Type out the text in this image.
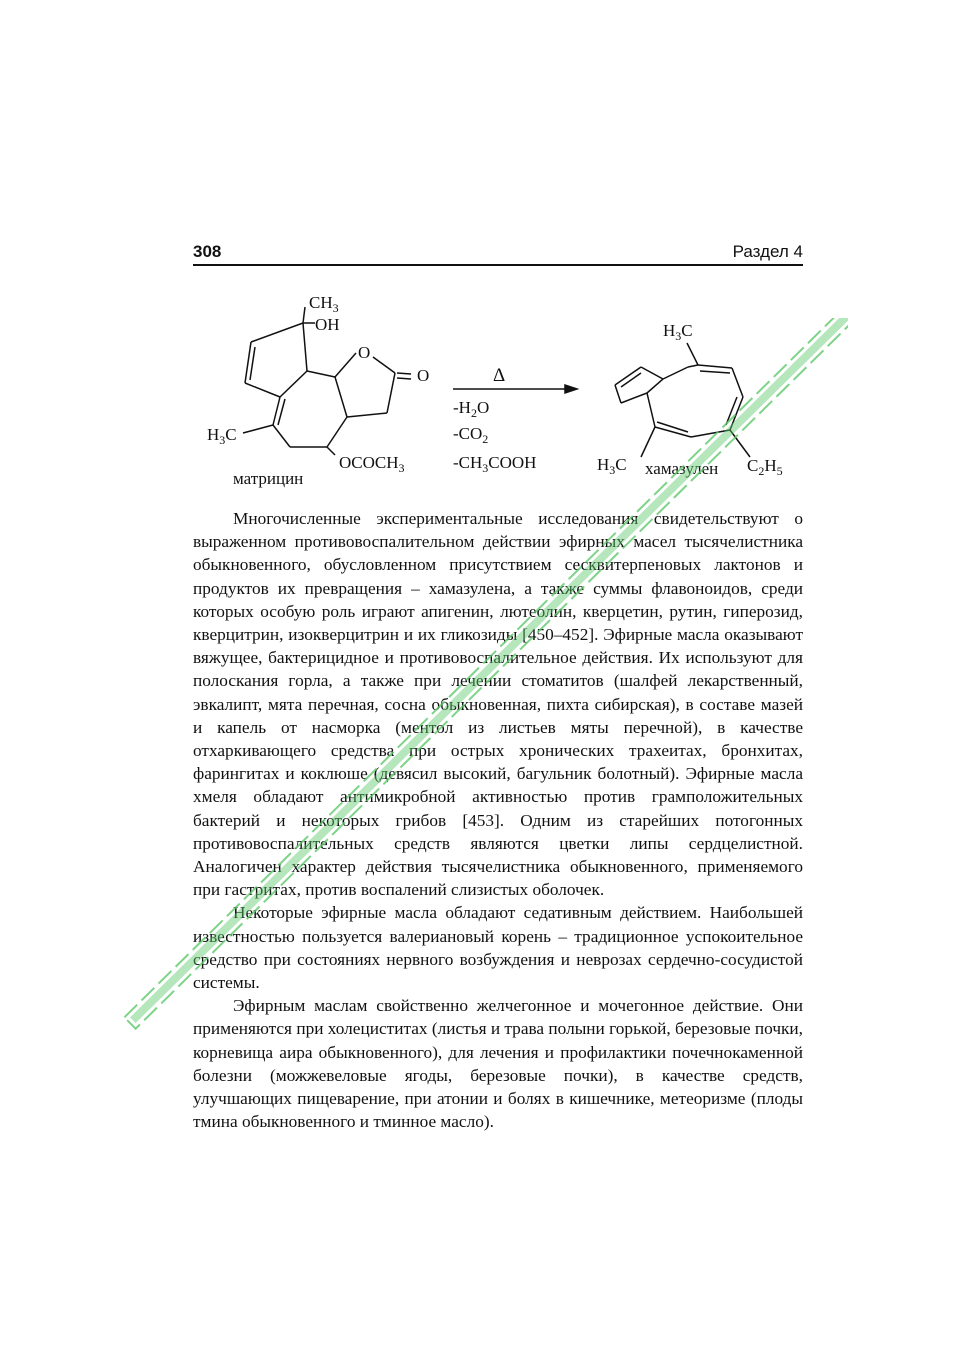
308	Раздел 4
$CH_3$
OH
O
O
$H_3C$
$OCOCH_3$
матрицин
Δ
$-H_2O$
$-CO_2$
$-CH_3COOH$
$H_3C$
$H_3C$ хамазулен $C_2H_5$

Многочисленные экспериментальные исследования свидетельствуют о выраженном противовоспалительном действии эфирных масел тысячелистника обыкновенного, обусловленном присутствием сесквитерпеновых лактонов и продуктов их превращения – хамазулена, а также суммы флавоноидов, среди которых особую роль играют апигенин, лютеолин, кверцетин, рутин, гиперозид, кверцитрин, изокверцитрин и их гликозиды [450–452]. Эфирные масла оказывают вяжущее, бактерицидное и противовоспалительное действия. Их используют для полоскания горла, а также при лечении стоматитов (шалфей лекарственный, эвкалипт, мята перечная, сосна обыкновенная, пихта сибирская), в составе мазей и капель от насморка (ментол из листьев мяты перечной), в качестве отхаркивающего средства при острых хронических трахеитах, бронхитах, фарингитах и коклюше (девясил высокий, багульник болотный). Эфирные масла хмеля обладают антимикробной активностью против грамположительных бактерий и некоторых грибов [453]. Одним из старейших потогонных противовоспалительных средств являются цветки липы сердцелистной. Аналогичен характер действия тысячелистника обыкновенного, применяемого при гастритах, против воспалений слизистых оболочек.

Некоторые эфирные масла обладают седативным действием. Наибольшей известностью пользуется валериановый корень – традиционное успокоительное средство при состояниях нервного возбуждения и неврозах сердечно-сосудистой системы.

Эфирным маслам свойственно желчегонное и мочегонное действие. Они применяются при холециститах (листья и трава полыни горькой, березовые почки, корневища аира обыкновенного), для лечения и профилактики почечнокаменной болезни (можжевеловые ягоды, березовые почки), в качестве средств, улучшающих пищеварение, при атонии и болях в кишечнике, метеоризме (плоды тмина обыкновенного и тминное масло).
